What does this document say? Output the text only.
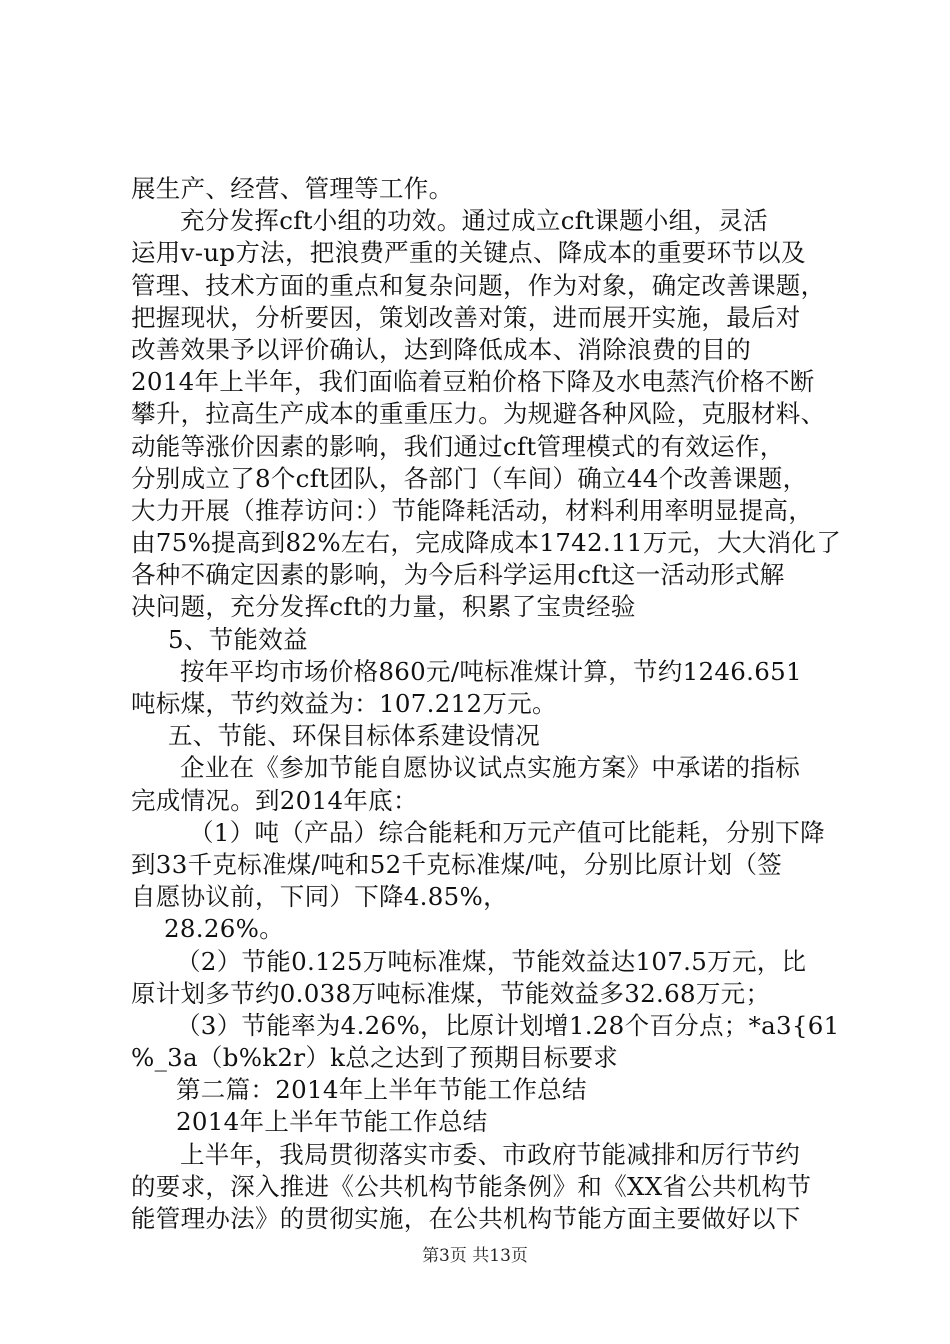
展生产、经营、管理等工作。
充分发挥cft小组的功效。通过成立cft课题小组，灵活
运用v-up方法，把浪费严重的关键点、降成本的重要环节以及
管理、技术方面的重点和复杂问题，作为对象，确定改善课题，
把握现状，分析要因，策划改善对策，进而展开实施，最后对
改善效果予以评价确认，达到降低成本、消除浪费的目的
2014年上半年，我们面临着豆粕价格下降及水电蒸汽价格不断
攀升，拉高生产成本的重重压力。为规避各种风险，克服材料、
动能等涨价因素的影响，我们通过cft管理模式的有效运作，
分别成立了8个cft团队，各部门（车间）确立44个改善课题，
大力开展（推荐访问：）节能降耗活动，材料利用率明显提高，
由75%提高到82%左右，完成降成本1742.11万元，大大消化了
各种不确定因素的影响，为今后科学运用cft这一活动形式解
决问题，充分发挥cft的力量，积累了宝贵经验
5、节能效益
按年平均市场价格860元/吨标准煤计算，节约1246.651
吨标煤，节约效益为：107.212万元。
五、节能、环保目标体系建设情况
企业在《参加节能自愿协议试点实施方案》中承诺的指标
完成情况。到2014年底：
（1）吨（产品）综合能耗和万元产值可比能耗，分别下降
到33千克标准煤/吨和52千克标准煤/吨，分别比原计划（签
自愿协议前，下同）下降4.85%，
28.26%。
（2）节能0.125万吨标准煤，节能效益达107.5万元，比
原计划多节约0.038万吨标准煤，节能效益多32.68万元；
（3）节能率为4.26%，比原计划增1.28个百分点；*a3{61
%_3a（b%k2r）k总之达到了预期目标要求
第二篇：2014年上半年节能工作总结
2014年上半年节能工作总结
上半年，我局贯彻落实市委、市政府节能减排和厉行节约
的要求，深入推进《公共机构节能条例》和《XX省公共机构节
能管理办法》的贯彻实施，在公共机构节能方面主要做好以下
第3页 共13页
